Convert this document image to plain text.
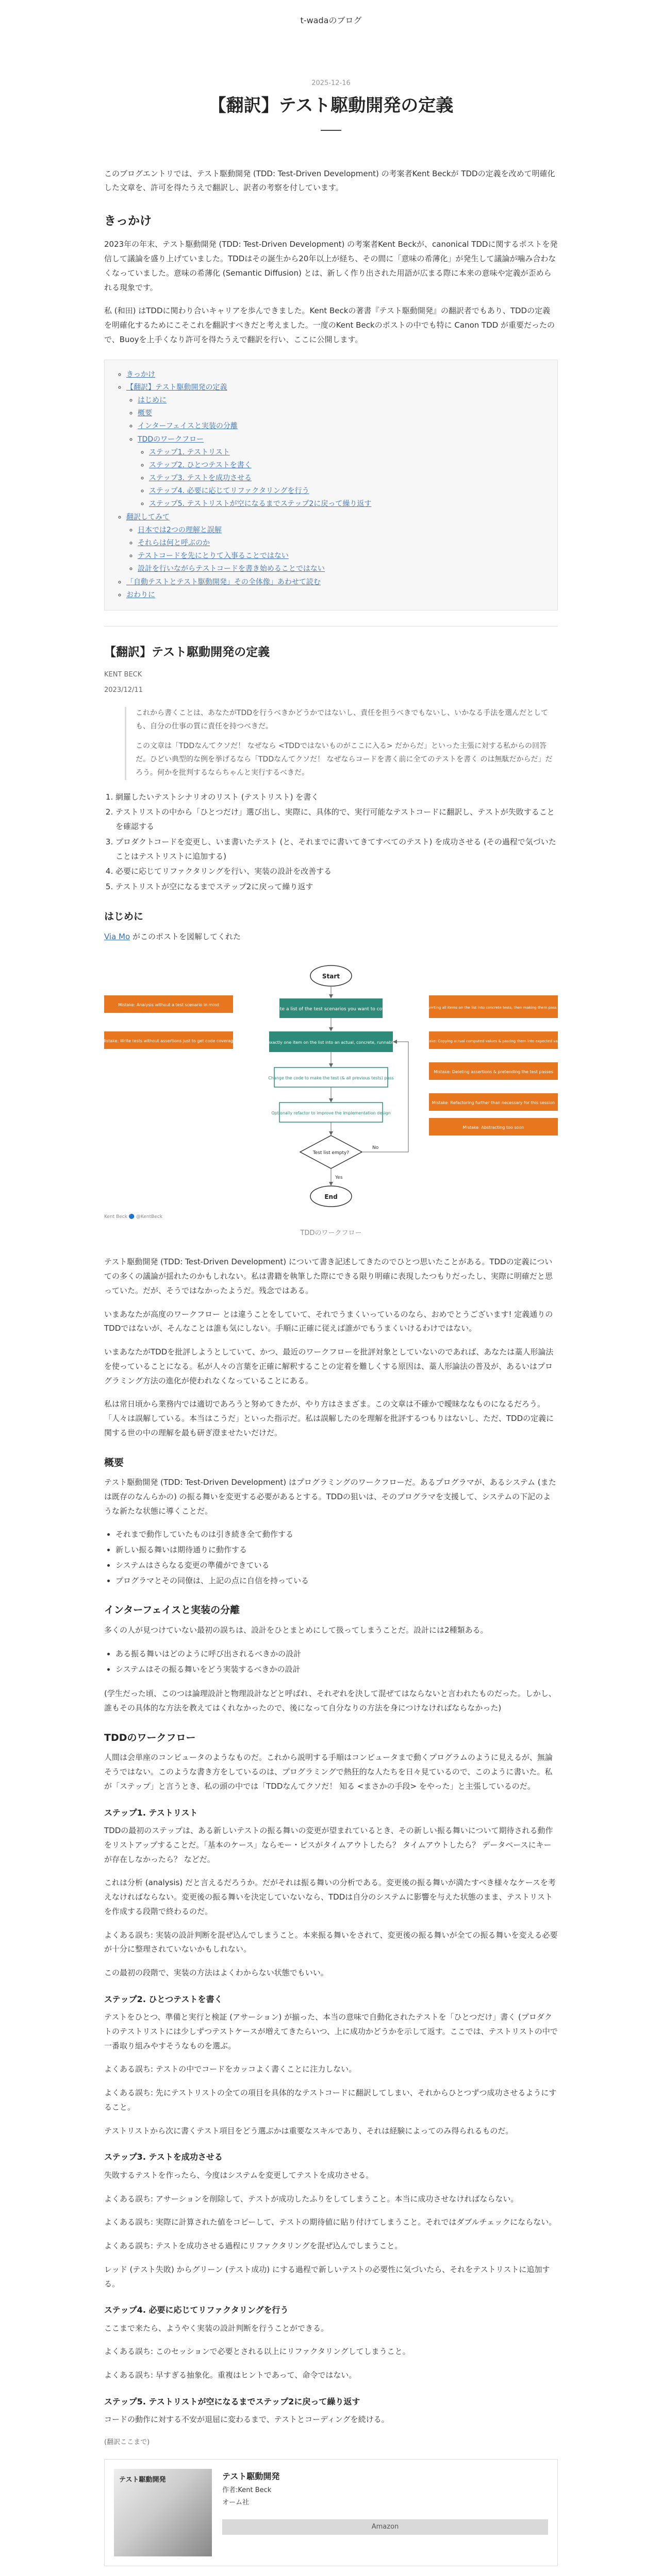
t-wadaのブログ
2025-12-16
【翻訳】テスト駆動開発の定義

このブログエントリでは、テスト駆動開発 (TDD: Test-Driven Development) の考案者Kent Beckが TDDの定義を改めて明確化した文章を、許可を得たうえで翻訳し、訳者の考察を付しています。

きっかけ

2023年の年末、テスト駆動開発 (TDD: Test-Driven Development) の考案者Kent Beckが、canonical TDDに関するポストを発信して議論を盛り上げていました。TDDはその誕生から20年以上が経ち、その間に「意味の希薄化」が発生して議論が噛み合わなくなっていました。意味の希薄化 (Semantic Diffusion) とは、新しく作り出された用語が広まる際に本来の意味や定義が歪められる現象です。

私 (和田) はTDDに関わり合いキャリアを歩んできました。Kent Beckの著書『テスト駆動開発』の翻訳者でもあり、TDDの定義を明確化するためにこそこれを翻訳すべきだと考えました。一度のKent Beckのポストの中でも特に Canon TDD が重要だったので、Buoyを上手くなり許可を得たうえで翻訳を行い、ここに公開します。

◦ きっかけ
◦ 【翻訳】テスト駆動開発の定義
◦ はじめに
◦ 概要
◦ インターフェイスと実装の分離
◦ TDDのワークフロー
◦ ステップ1. テストリスト
◦ ステップ2. ひとつテストを書く
◦ ステップ3. テストを成功させる
◦ ステップ4. 必要に応じてリファクタリングを行う
◦ ステップ5. テストリストが空になるまでステップ2に戻って繰り返す
◦ 翻訳してみて
◦ 日本では2つの理解と誤解
◦ それらは何と呼ぶのか
◦ テストコードを先にとりて入事ることではない
◦ 設計を行いながらテストコードを書き始めることではない
◦ 「自動テストとテスト駆動開発」その全体像」あわせて読む
◦ おわりに
【翻訳】テスト駆動開発の定義
KENT BECK
2023/12/11

これから書くことは、あなたがTDDを行うべきかどうかではないし、責任を担うべきでもないし、いかなる手法を選んだとしても、自分の仕事の質に責任を持つべきだ。

この文章は「TDDなんてクソだ！ なぜなら <TDDではないものがここに入る> だからだ」といった主張に対する私からの回答だ。ひどい典型的な例を挙げるなら「TDDなんてクソだ！ なぜならコードを書く前に全てのテストを書く のは無駄だからだ」だろう。何かを批判するならちゃんと実行するべきだ。

1. 網羅したいテストシナリオのリスト (テストリスト) を書く
2. テストリストの中から「ひとつだけ」選び出し、実際に、具体的で、実行可能なテストコードに翻訳し、テストが失敗することを確認する
3. プロダクトコードを変更し、いま書いたテスト (と、それまでに書いてきてすべてのテスト) を成功させる (その過程で気づいたことはテストリストに追加する)
4. 必要に応じてリファクタリングを行い、実装の設計を改善する
5. テストリストが空になるまでステップ2に戻って繰り返す
はじめに

Via Mo がこのポストを図解してくれた

Start
Write a list of the test scenarios you want to cover
Turn exactly one item on the list into an actual, concrete, runnable test
Change the code to make the test (& all previous tests) pass
Optionally refactor to improve the implementation design
Test list empty?
End
Yes
No
Mistake: Analysis without a test scenario in mind
Mistake: Write tests without assertions just to get code coverage
Mistake: Converting all items on the list into concrete tests, then making them pass one at a time
Mistake: Copying actual computed values & pasting them into expected values
Mistake: Deleting assertions & pretending the test passes
Mistake: Refactoring further than necessary for this session
Mistake: Abstracting too soon
Kent Beck 🔵 @KentBeck
TDDのワークフロー

テスト駆動開発 (TDD: Test-Driven Development) について書き記述してきたのでひとつ思いたことがある。TDDの定義についての多くの議論が揺れたのかもしれない。私は書籍を執筆した際にできる限り明確に表現したつもりだったし、実際に明確だと思っていた。だが、そうではなかったようだ。残念ではある。

いまあなたが高度のワークフロー とは違うことをしていて、それでうまくいっているのなら、おめでとうございます! 定義通りのTDDではないが、そんなことは誰も気にしない。手順に正確に従えば誰がでもうまくいけるわけではない。

いまあなたがTDDを批評しようとしていて、かつ、最近のワークフローを批評対象としていないのであれば、あなたは藁人形論法を使っていることになる。私が人々の言葉を正確に解釈することの定着を難しくする原因は、藁人形論法の普及が、あるいはプログラミング方法の進化が使われなくなっていることにある。

私は常日頃から業務内では適切であろうと努めてきたが、やり方はさまざま。この文章は不確かで曖昧ななものになるだろう。「人々は誤解している。本当はこうだ」といった指示だ。私は誤解したのを理解を批評するつもりはないし、ただ、TDDの定義に関する世の中の理解を最も研ぎ澄ませたいだけだ。

概要

テスト駆動開発 (TDD: Test-Driven Development) はプログラミングのワークフローだ。あるプログラマが、あるシステム (または既存のなんらかの) の振る舞いを変更する必要があるとする。TDDの狙いは、そのプログラマを支援して、システムの下記のような新たな状態に導くことだ。

• それまで動作していたものは引き続き全て動作する
• 新しい振る舞いは期待通りに動作する
• システムはさらなる変更の準備ができている
• プログラマとその同僚は、上記の点に自信を持っている
インターフェイスと実装の分離

多くの人が見つけていない最初の誤ちは、設計をひとまとめにして扱ってしまうことだ。設計には2種類ある。

• ある振る舞いはどのように呼び出されるべきかの設計
• システムはその振る舞いをどう実装するべきかの設計

(学生だった頃、このつは論理設計と物理設計などと呼ばれ、それぞれを決して混ぜてはならないと言われたものだった。しかし、誰もその具体的な方法を教えてはくれなかったので、後になって自分なりの方法を身につけなければならなかった)

TDDのワークフロー

人間は会単座のコンピュータのようなものだ。これから説明する手順はコンピュータまで動くプログラムのように見えるが、無論そうではない。このような書き方をしているのは、プログラミングで熱狂的な人たちを日々見ているので、このように書いた。私が「ステップ」と言うとき、私の頭の中では「TDDなんてクソだ！ 知る <まさかの手段> をやった」と主張しているのだ。

ステップ1. テストリスト

TDDの最初のステップは、ある新しいテストの振る舞いの変更が望まれているとき、その新しい振る舞いについて期待される動作をリストアップすることだ。「基本のケース」ならモー・ビスがタイムアウトしたら？ タイムアウトしたら？ データベースにキーが存在しなかったら？ などだ。

これは分析 (analysis) だと言えるだろうか。だがそれは振る舞いの分析である。変更後の振る舞いが満たすべき様々なケースを考えなければならない。変更後の振る舞いを決定していないなら、TDDは自分のシステムに影響を与えた状態のまま、テストリストを作成する段階で終わるのだ。

よくある誤ち: 実装の設計判断を混ぜ込んでしまうこと。本来振る舞いをされて、変更後の振る舞いが全ての振る舞いを変える必要が十分に整理されていないかもしれない。

この最初の段階で、実装の方法はよくわからない状態でもいい。

ステップ2. ひとつテストを書く

テストをひとつ、準備と実行と検証 (アサーション) が揃った、本当の意味で自動化されたテストを「ひとつだけ」書く (プロダクトのテストリストには少しずつテストケースが増えてきたらいつ、上に成功かどうかを示して返す。ここでは、テストリストの中で一番取り組みやすそうなものを選ぶ。

よくある誤ち: テストの中でコードをカッコよく書くことに注力しない。

よくある誤ち: 先にテストリストの全ての項目を具体的なテストコードに翻訳してしまい、それからひとつずつ成功させるようにすること。

テストリストから次に書くテスト項目をどう選ぶかは重要なスキルであり、それは経験によってのみ得られるものだ。

ステップ3. テストを成功させる

失敗するテストを作ったら、今度はシステムを変更してテストを成功させる。

よくある誤ち: アサーションを削除して、テストが成功したふりをしてしまうこと。本当に成功させなければならない。

よくある誤ち: 実際に計算された値をコピーして、テストの期待値に貼り付けてしまうこと。それではダブルチェックにならない。

よくある誤ち: テストを成功させる過程にリファクタリングを混ぜ込んでしまうこと。

レッド (テスト失敗) からグリーン (テスト成功) にする過程で新しいテストの必要性に気づいたら、それをテストリストに追加する。

ステップ4. 必要に応じてリファクタリングを行う

ここまで来たら、ようやく実装の設計判断を行うことができる。

よくある誤ち: このセッションで必要とされる以上にリファクタリングしてしまうこと。

よくある誤ち: 早すぎる抽象化。重複はヒントであって、命令ではない。

ステップ5. テストリストが空になるまでステップ2に戻って繰り返す

コードの動作に対する不安が退屈に変わるまで、テストとコーディングを続ける。

(翻訳ここまで)

テスト駆動開発	テスト駆動開発
作者:Kent Beck
オーム社
Amazon
